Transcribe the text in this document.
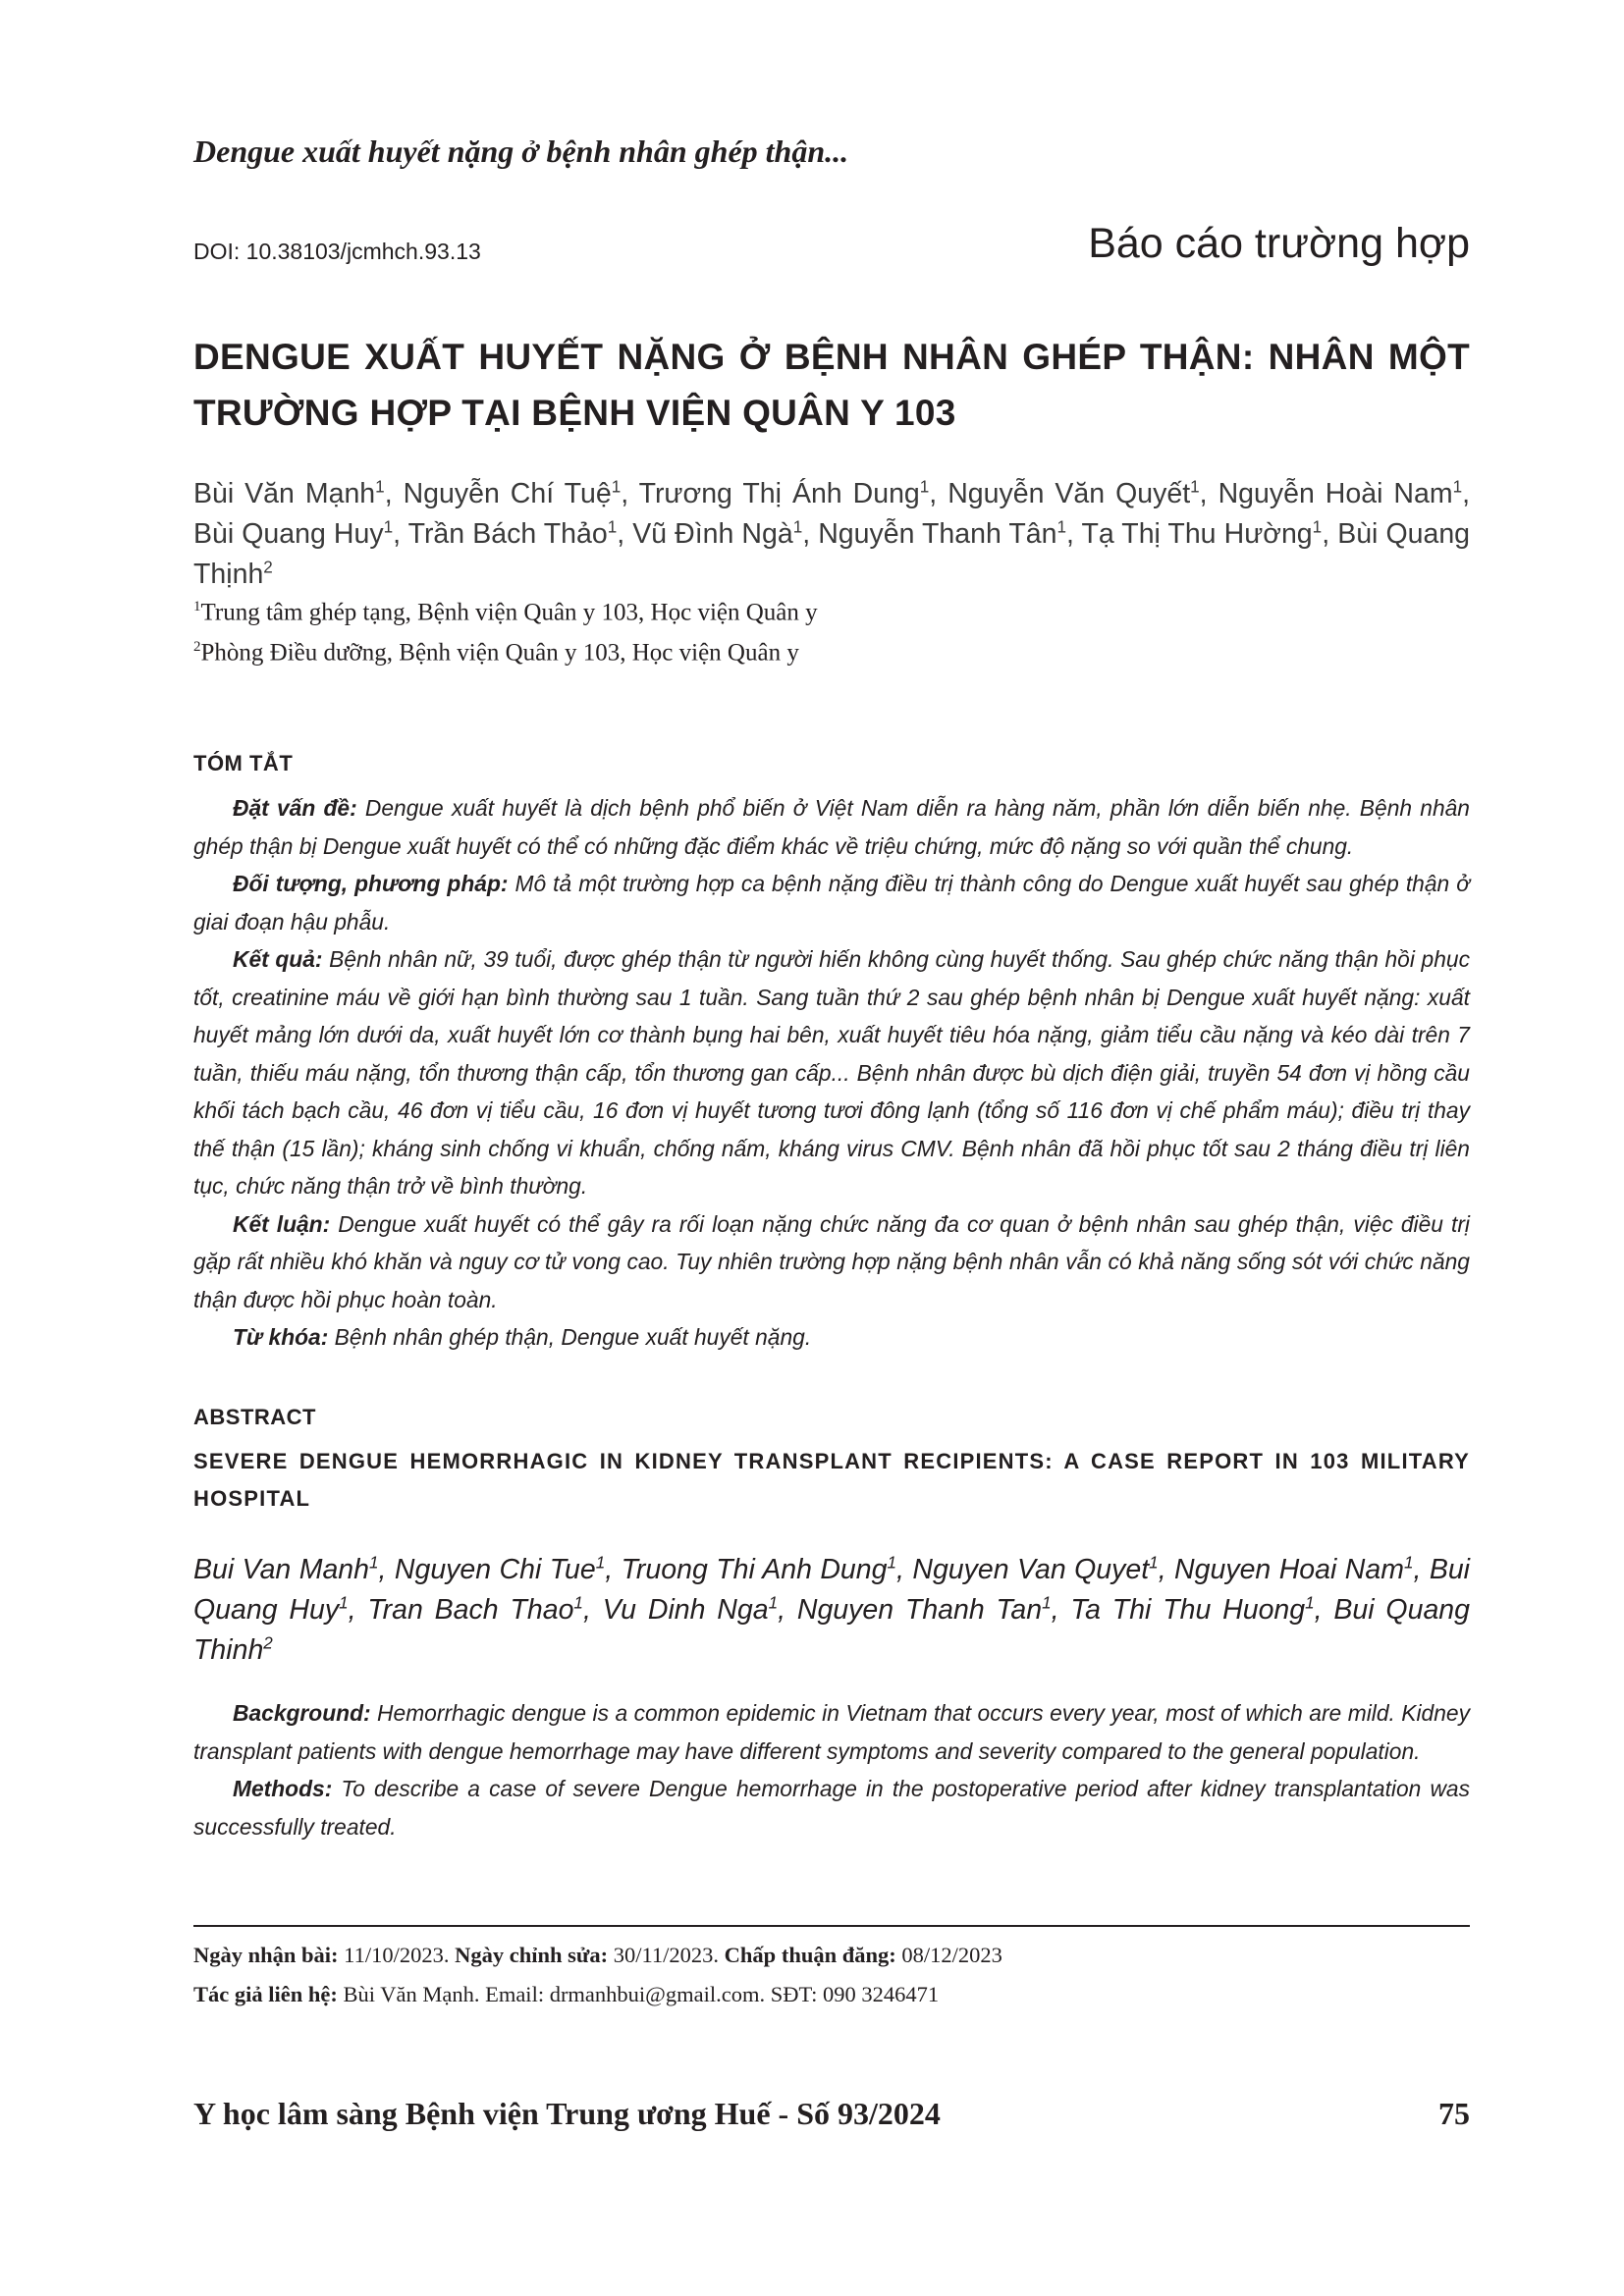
Dengue xuất huyết nặng ở bệnh nhân ghép thận...
DOI: 10.38103/jcmhch.93.13	Báo cáo trường hợp
DENGUE XUẤT HUYẾT NẶNG Ở BỆNH NHÂN GHÉP THẬN: NHÂN MỘT TRƯỜNG HỢP TẠI BỆNH VIỆN QUÂN Y 103
Bùi Văn Mạnh$^1$, Nguyễn Chí Tuệ$^1$, Trương Thị Ánh Dung$^1$, Nguyễn Văn Quyết$^1$, Nguyễn Hoài Nam$^1$, Bùi Quang Huy$^1$, Trần Bách Thảo$^1$, Vũ Đình Ngà$^1$, Nguyễn Thanh Tân$^1$, Tạ Thị Thu Hường$^1$, Bùi Quang Thịnh$^2$
$^1$Trung tâm ghép tạng, Bệnh viện Quân y 103, Học viện Quân y
$^2$Phòng Điều dưỡng, Bệnh viện Quân y 103, Học viện Quân y
TÓM TẮT

Đặt vấn đề: Dengue xuất huyết là dịch bệnh phổ biến ở Việt Nam diễn ra hàng năm, phần lớn diễn biến nhẹ. Bệnh nhân ghép thận bị Dengue xuất huyết có thể có những đặc điểm khác về triệu chứng, mức độ nặng so với quần thể chung.

Đối tượng, phương pháp: Mô tả một trường hợp ca bệnh nặng điều trị thành công do Dengue xuất huyết sau ghép thận ở giai đoạn hậu phẫu.

Kết quả: Bệnh nhân nữ, 39 tuổi, được ghép thận từ người hiến không cùng huyết thống. Sau ghép chức năng thận hồi phục tốt, creatinine máu về giới hạn bình thường sau 1 tuần. Sang tuần thứ 2 sau ghép bệnh nhân bị Dengue xuất huyết nặng: xuất huyết mảng lớn dưới da, xuất huyết lớn cơ thành bụng hai bên, xuất huyết tiêu hóa nặng, giảm tiểu cầu nặng và kéo dài trên 7 tuần, thiếu máu nặng, tổn thương thận cấp, tổn thương gan cấp... Bệnh nhân được bù dịch điện giải, truyền 54 đơn vị hồng cầu khối tách bạch cầu, 46 đơn vị tiểu cầu, 16 đơn vị huyết tương tươi đông lạnh (tổng số 116 đơn vị chế phẩm máu); điều trị thay thế thận (15 lần); kháng sinh chống vi khuẩn, chống nấm, kháng virus CMV. Bệnh nhân đã hồi phục tốt sau 2 tháng điều trị liên tục, chức năng thận trở về bình thường.

Kết luận: Dengue xuất huyết có thể gây ra rối loạn nặng chức năng đa cơ quan ở bệnh nhân sau ghép thận, việc điều trị gặp rất nhiều khó khăn và nguy cơ tử vong cao. Tuy nhiên trường hợp nặng bệnh nhân vẫn có khả năng sống sót với chức năng thận được hồi phục hoàn toàn.

Từ khóa: Bệnh nhân ghép thận, Dengue xuất huyết nặng.

ABSTRACT
SEVERE DENGUE HEMORRHAGIC IN KIDNEY TRANSPLANT RECIPIENTS: A CASE REPORT IN 103 MILITARY HOSPITAL
Bui Van Manh$^1$, Nguyen Chi Tue$^1$, Truong Thi Anh Dung$^1$, Nguyen Van Quyet$^1$, Nguyen Hoai Nam$^1$, Bui Quang Huy$^1$, Tran Bach Thao$^1$, Vu Dinh Nga$^1$, Nguyen Thanh Tan$^1$, Ta Thi Thu Huong$^1$, Bui Quang Thinh$^2$

Background: Hemorrhagic dengue is a common epidemic in Vietnam that occurs every year, most of which are mild. Kidney transplant patients with dengue hemorrhage may have different symptoms and severity compared to the general population.

Methods: To describe a case of severe Dengue hemorrhage in the postoperative period after kidney transplantation was successfully treated.

Ngày nhận bài: 11/10/2023. Ngày chỉnh sửa: 30/11/2023. Chấp thuận đăng: 08/12/2023
Tác giả liên hệ: Bùi Văn Mạnh. Email: drmanhbui@gmail.com. SĐT: 090 3246471
Y học lâm sàng Bệnh viện Trung ương Huế - Số 93/2024	75
